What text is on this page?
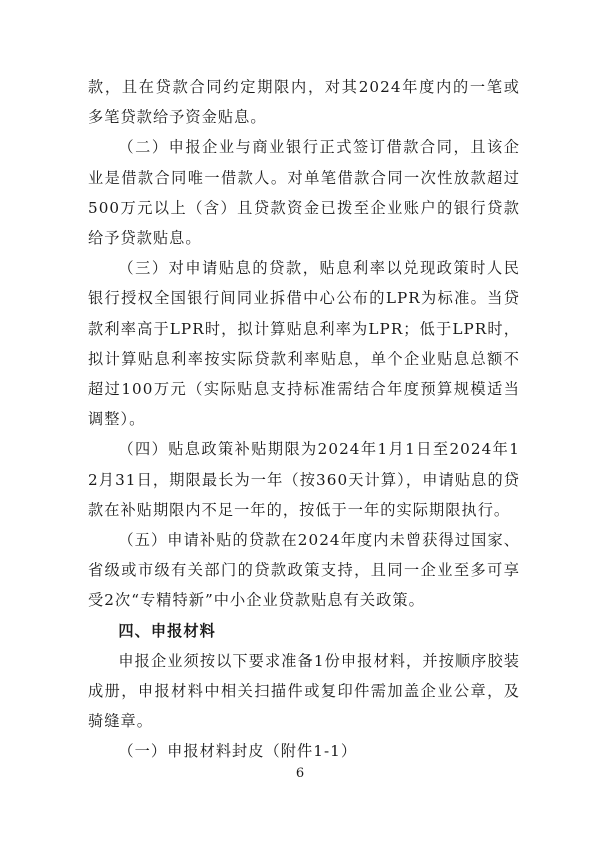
款，且在贷款合同约定期限内，对其2024年度内的一笔或多笔贷款给予资金贴息。

（二）申报企业与商业银行正式签订借款合同，且该企业是借款合同唯一借款人。对单笔借款合同一次性放款超过500万元以上（含）且贷款资金已拨至企业账户的银行贷款给予贷款贴息。

（三）对申请贴息的贷款，贴息利率以兑现政策时人民银行授权全国银行间同业拆借中心公布的LPR为标准。当贷款利率高于LPR时，拟计算贴息利率为LPR；低于LPR时，拟计算贴息利率按实际贷款利率贴息，单个企业贴息总额不超过100万元（实际贴息支持标准需结合年度预算规模适当调整）。

（四）贴息政策补贴期限为2024年1月1日至2024年12月31日，期限最长为一年（按360天计算），申请贴息的贷款在补贴期限内不足一年的，按低于一年的实际期限执行。

（五）申请补贴的贷款在2024年度内未曾获得过国家、省级或市级有关部门的贷款政策支持，且同一企业至多可享受2次“专精特新”中小企业贷款贴息有关政策。

四、申报材料

申报企业须按以下要求准备1份申报材料，并按顺序胶装成册，申报材料中相关扫描件或复印件需加盖企业公章，及骑缝章。

（一）申报材料封皮（附件1-1）

6
